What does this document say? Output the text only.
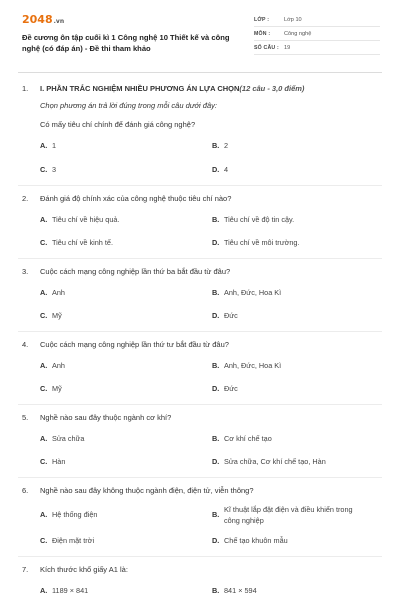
2048.vn
Đề cương ôn tập cuối kì 1 Công nghệ 10 Thiết kế và công nghệ (có đáp án) - Đề thi tham khảo
LỚP :	Lớp 10
MÔN :	Công nghệ
SỐ CÂU : 19
1. I. PHẦN TRẮC NGHIỆM NHIỀU PHƯƠNG ÁN LỰA CHỌN(12 câu - 3,0 điểm)
Chọn phương án trả lời đúng trong mỗi câu dưới đây:
Có mấy tiêu chí chính để đánh giá công nghệ?
A. 1	B. 2
C. 3	D. 4
2. Đánh giá độ chính xác của công nghệ thuộc tiêu chí nào?
A. Tiêu chí về hiệu quả.	B. Tiêu chí về độ tin cậy.
C. Tiêu chí về kinh tế.	D. Tiêu chí về môi trường.
3. Cuộc cách mạng công nghiệp lần thứ ba bắt đầu từ đâu?
A. Anh	B. Anh, Đức, Hoa Kì
C. Mỹ	D. Đức
4. Cuộc cách mạng công nghiệp lần thứ tư bắt đầu từ đâu?
A. Anh	B. Anh, Đức, Hoa Kì
C. Mỹ	D. Đức
5. Nghề nào sau đây thuộc ngành cơ khí?
A. Sửa chữa	B. Cơ khí chế tạo
C. Hàn	D. Sửa chữa, Cơ khí chế tạo, Hàn
6. Nghề nào sau đây không thuộc ngành điện, điện tử, viễn thông?
A. Hệ thống điện	B.
Kĩ thuật lắp đặt điện và điều khiển trong công nghiệp
C. Điện mặt trời	D. Chế tạo khuôn mẫu
7. Kích thước khổ giấy A1 là:
A. 1189 × 841	B. 841 × 594
